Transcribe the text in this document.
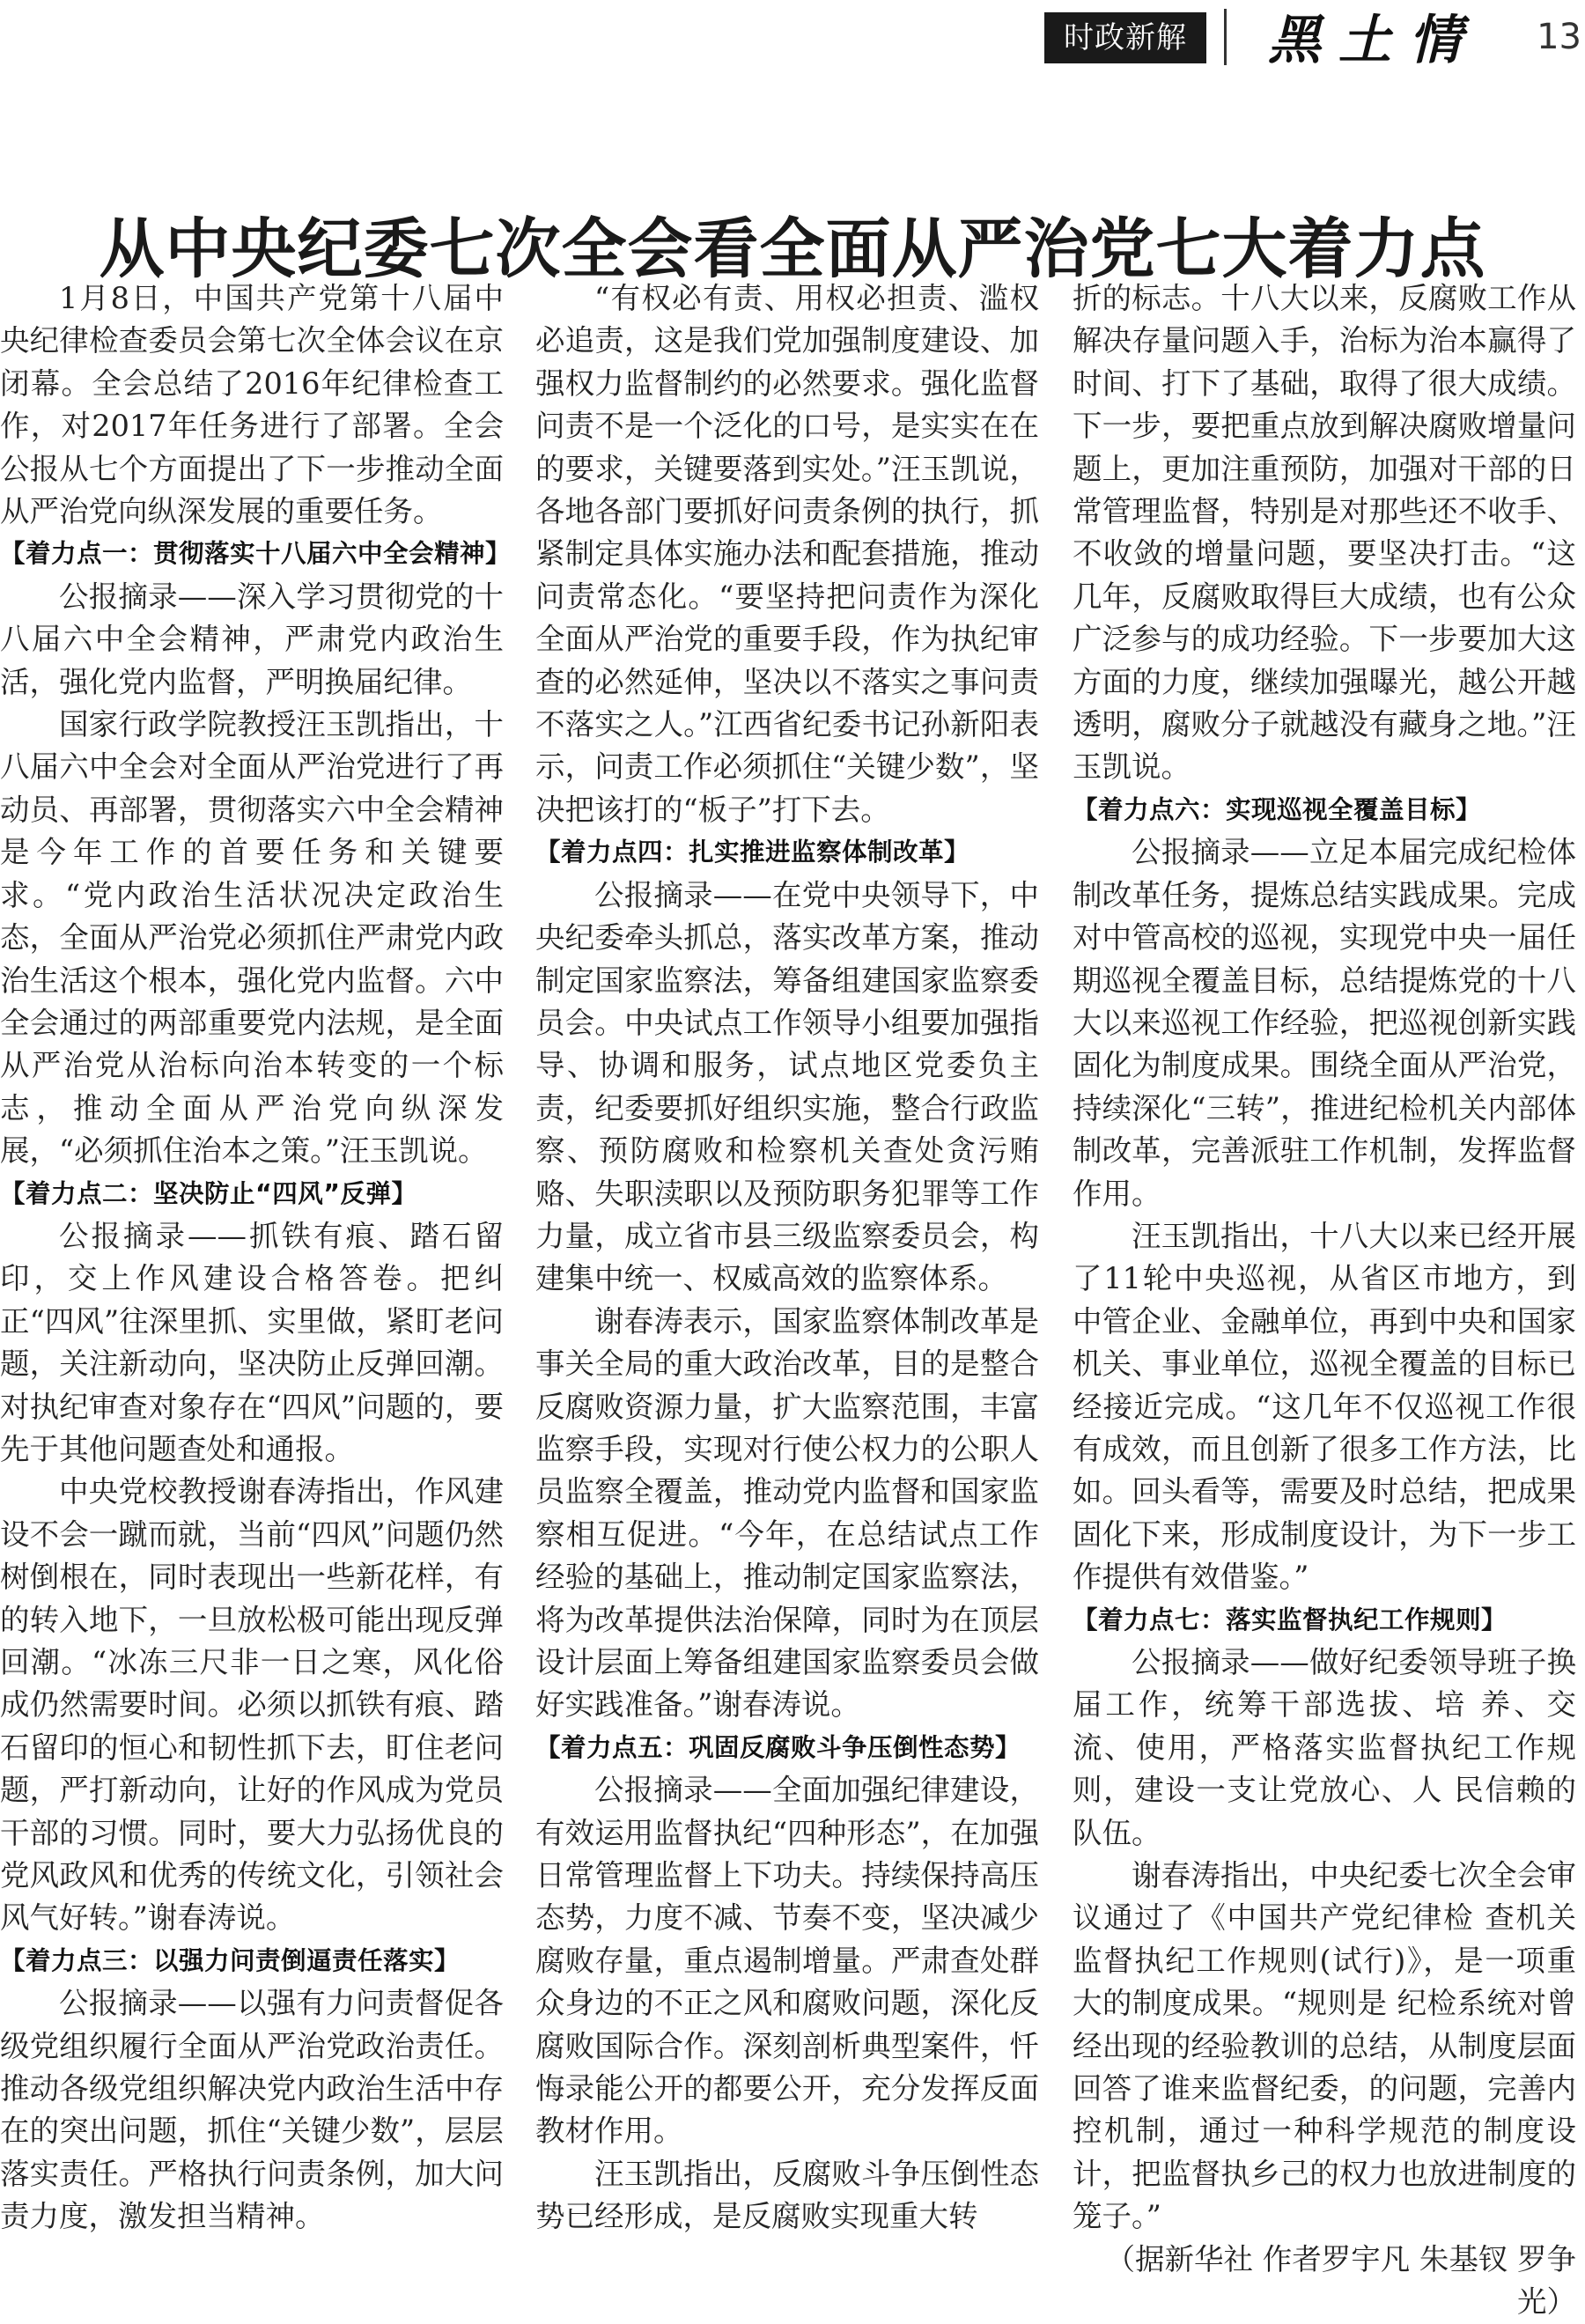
时政新解	黑土情 13
从中央纪委七次全会看全面从严治党七大着力点

1月8日，中国共产党第十八届中央纪律检查委员会第七次全体会议在京闭幕。全会总结了2016年纪律检查工作，对2017年任务进行了部署。全会公报从七个方面提出了下一步推动全面从严治党向纵深发展的重要任务。

【着力点一：贯彻落实十八届六中全会精神】

公报摘录——深入学习贯彻党的十八届六中全会精神，严肃党内政治生活，强化党内监督，严明换届纪律。

国家行政学院教授汪玉凯指出，十八届六中全会对全面从严治党进行了再动员、再部署，贯彻落实六中全会精神是今年工作的首要任务和关键要求。“党内政治生活状况决定政治生态，全面从严治党必须抓住严肃党内政治生活这个根本，强化党内监督。六中全会通过的两部重要党内法规，是全面从严治党从治标向治本转变的一个标志，推动全面从严治党向纵深发展，“必须抓住治本之策。”汪玉凯说。

【着力点二：坚决防止“四风”反弹】

公报摘录——抓铁有痕、踏石留印，交上作风建设合格答卷。把纠正“四风”往深里抓、实里做，紧盯老问题，关注新动向，坚决防止反弹回潮。对执纪审查对象存在“四风”问题的，要先于其他问题查处和通报。

中央党校教授谢春涛指出，作风建设不会一蹴而就，当前“四风”问题仍然树倒根在，同时表现出一些新花样，有的转入地下，一旦放松极可能出现反弹回潮。“冰冻三尺非一日之寒，风化俗成仍然需要时间。必须以抓铁有痕、踏石留印的恒心和韧性抓下去，盯住老问题，严打新动向，让好的作风成为党员干部的习惯。同时，要大力弘扬优良的党风政风和优秀的传统文化，引领社会风气好转。”谢春涛说。

【着力点三：以强力问责倒逼责任落实】

公报摘录——以强有力问责督促各级党组织履行全面从严治党政治责任。推动各级党组织解决党内政治生活中存在的突出问题，抓住“关键少数”，层层落实责任。严格执行问责条例，加大问责力度，激发担当精神。

“有权必有责、用权必担责、滥权必追责，这是我们党加强制度建设、加强权力监督制约的必然要求。强化监督问责不是一个泛化的口号，是实实在在的要求，关键要落到实处。”汪玉凯说，各地各部门要抓好问责条例的执行，抓紧制定具体实施办法和配套措施，推动问责常态化。“要坚持把问责作为深化全面从严治党的重要手段，作为执纪审查的必然延伸，坚决以不落实之事问责不落实之人。”江西省纪委书记孙新阳表示，问责工作必须抓住“关键少数”，坚决把该打的“板子”打下去。

【着力点四：扎实推进监察体制改革】

公报摘录——在党中央领导下，中央纪委牵头抓总，落实改革方案，推动制定国家监察法，筹备组建国家监察委员会。中央试点工作领导小组要加强指导、协调和服务，试点地区党委负主责，纪委要抓好组织实施，整合行政监察、预防腐败和检察机关查处贪污贿赂、失职渎职以及预防职务犯罪等工作力量，成立省市县三级监察委员会，构建集中统一、权威高效的监察体系。

谢春涛表示，国家监察体制改革是事关全局的重大政治改革，目的是整合反腐败资源力量，扩大监察范围，丰富监察手段，实现对行使公权力的公职人员监察全覆盖，推动党内监督和国家监察相互促进。“今年，在总结试点工作经验的基础上，推动制定国家监察法，将为改革提供法治保障，同时为在顶层设计层面上筹备组建国家监察委员会做好实践准备。”谢春涛说。

【着力点五：巩固反腐败斗争压倒性态势】

公报摘录——全面加强纪律建设，有效运用监督执纪“四种形态”，在加强日常管理监督上下功夫。持续保持高压态势，力度不减、节奏不变，坚决减少腐败存量，重点遏制增量。严肃查处群众身边的不正之风和腐败问题，深化反腐败国际合作。深刻剖析典型案件，忏悔录能公开的都要公开，充分发挥反面教材作用。

汪玉凯指出，反腐败斗争压倒性态势已经形成，是反腐败实现重大转

折的标志。十八大以来，反腐败工作从解决存量问题入手，治标为治本赢得了时间、打下了基础，取得了很大成绩。下一步，要把重点放到解决腐败增量问题上，更加注重预防，加强对干部的日常管理监督，特别是对那些还不收手、不收敛的增量问题，要坚决打击。“这几年，反腐败取得巨大成绩，也有公众广泛参与的成功经验。下一步要加大这方面的力度，继续加强曝光，越公开越透明，腐败分子就越没有藏身之地。”汪玉凯说。

【着力点六：实现巡视全覆盖目标】

公报摘录——立足本届完成纪检体制改革任务，提炼总结实践成果。完成对中管高校的巡视，实现党中央一届任期巡视全覆盖目标，总结提炼党的十八大以来巡视工作经验，把巡视创新实践固化为制度成果。围绕全面从严治党，持续深化“三转”，推进纪检机关内部体制改革，完善派驻工作机制，发挥监督作用。

汪玉凯指出，十八大以来已经开展了11轮中央巡视，从省区市地方，到中管企业、金融单位，再到中央和国家机关、事业单位，巡视全覆盖的目标已经接近完成。“这几年不仅巡视工作很有成效，而且创新了很多工作方法，比如。回头看等，需要及时总结，把成果固化下来，形成制度设计，为下一步工作提供有效借鉴。”

【着力点七：落实监督执纪工作规则】

公报摘录——做好纪委领导班子换届工作，统筹干部选拔、培 养、交流、使用，严格落实监督执纪工作规则，建设一支让党放心、人 民信赖的队伍。

谢春涛指出，中央纪委七次全会审议通过了《中国共产党纪律检 查机关监督执纪工作规则(试行)》，是一项重大的制度成果。“规则是 纪检系统对曾经出现的经验教训的总结，从制度层面回答了谁来监督纪委，的问题，完善内控机制，通过一种科学规范的制度设计，把监督执乡己的权力也放进制度的笼子。”

（据新华社 作者罗宇凡 朱基钗 罗争光）
